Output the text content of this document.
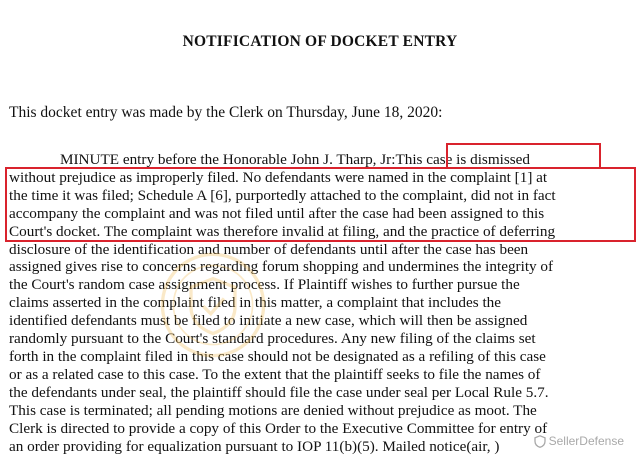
NOTIFICATION OF DOCKET ENTRY
This docket entry was made by the Clerk on Thursday, June 18, 2020:
MINUTE entry before the Honorable John J. Tharp, Jr:This case is dismissed
without prejudice as improperly filed. No defendants were named in the complaint [1] at
the time it was filed; Schedule A [6], purportedly attached to the complaint, did not in fact
accompany the complaint and was not filed until after the case had been assigned to this
Court's docket. The complaint was therefore invalid at filing, and the practice of deferring
disclosure of the identification and number of defendants until after the case has been
assigned gives rise to concerns regarding forum shopping and undermines the integrity of
the Court's random case assignment process. If Plaintiff wishes to further pursue the
claims asserted in the complaint filed in this matter, a complaint that includes the
identified defendants must be filed to initiate a new case, which will then be assigned
randomly pursuant to the Court's standard procedures. Any new filing of the claims set
forth in the complaint filed in this case should not be designated as a refiling of this case
or as a related case to this case. To the extent that the plaintiff seeks to file the names of
the defendants under seal, the plaintiff should file the case under seal per Local Rule 5.7.
This case is terminated; all pending motions are denied without prejudice as moot. The
Clerk is directed to provide a copy of this Order to the Executive Committee for entry of
an order providing for equalization pursuant to IOP 11(b)(5). Mailed notice(air, )	SellerDefense
